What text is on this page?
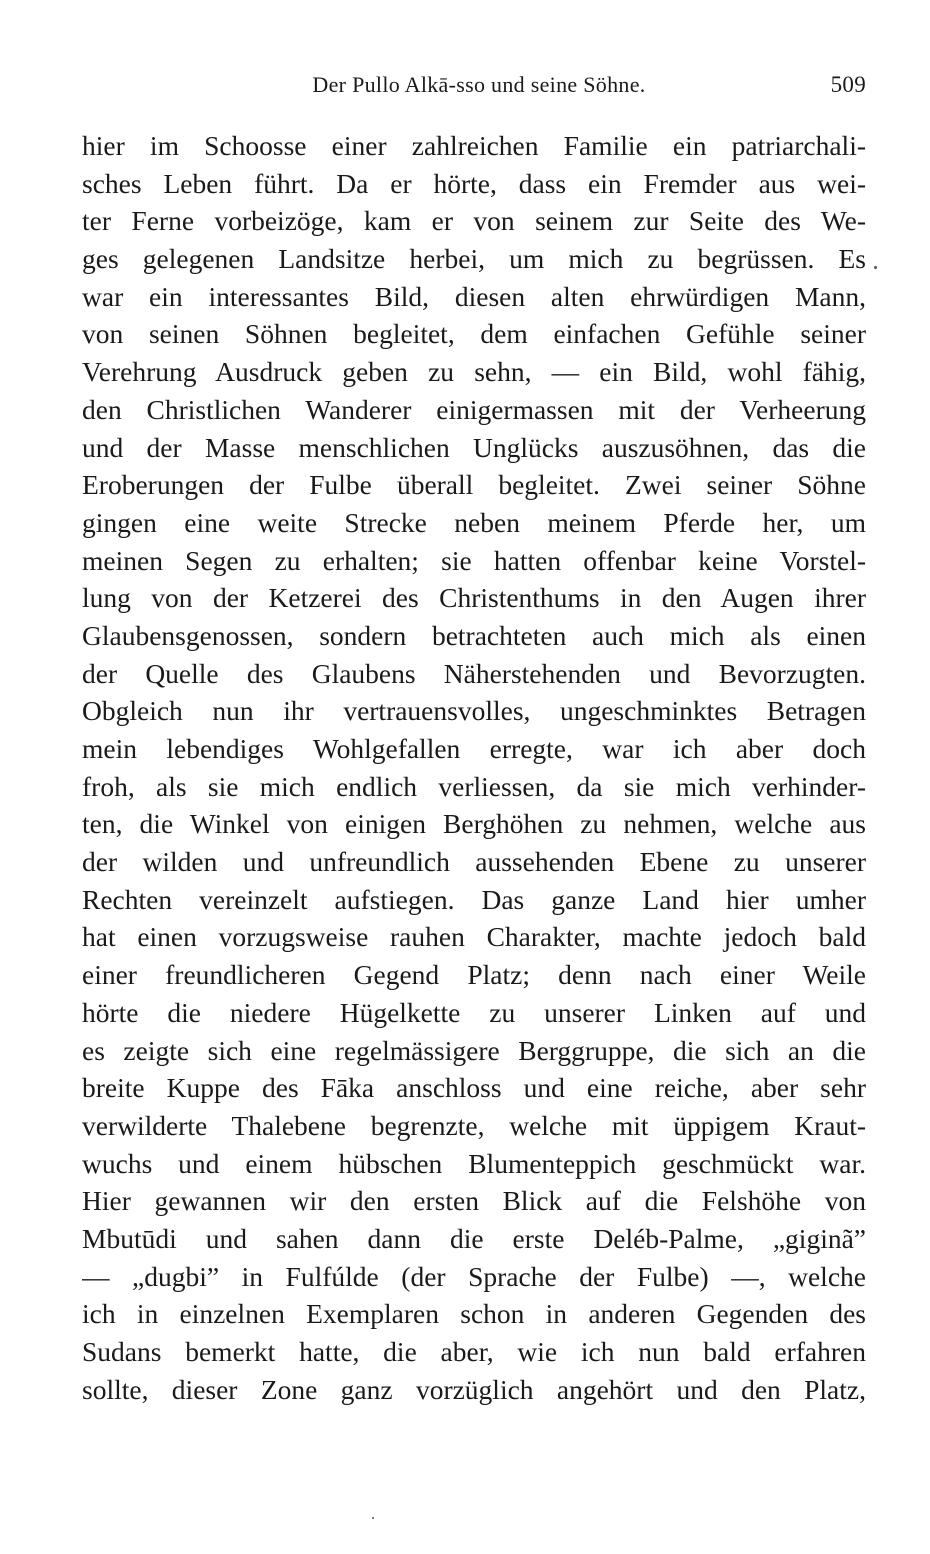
Der Pullo Alkā-sso und seine Söhne.	509
hier im Schoosse einer zahlreichen Familie ein patriarchali-
sches Leben führt. Da er hörte, dass ein Fremder aus wei-
ter Ferne vorbeizöge, kam er von seinem zur Seite des We-
ges gelegenen Landsitze herbei, um mich zu begrüssen. Es
war ein interessantes Bild, diesen alten ehrwürdigen Mann,
von seinen Söhnen begleitet, dem einfachen Gefühle seiner
Verehrung Ausdruck geben zu sehn, — ein Bild, wohl fähig,
den Christlichen Wanderer einigermassen mit der Verheerung
und der Masse menschlichen Unglücks auszusöhnen, das die
Eroberungen der Fulbe überall begleitet. Zwei seiner Söhne
gingen eine weite Strecke neben meinem Pferde her, um
meinen Segen zu erhalten; sie hatten offenbar keine Vorstel-
lung von der Ketzerei des Christenthums in den Augen ihrer
Glaubensgenossen, sondern betrachteten auch mich als einen
der Quelle des Glaubens Näherstehenden und Bevorzugten.
Obgleich nun ihr vertrauensvolles, ungeschminktes Betragen
mein lebendiges Wohlgefallen erregte, war ich aber doch
froh, als sie mich endlich verliessen, da sie mich verhinder-
ten, die Winkel von einigen Berghöhen zu nehmen, welche aus
der wilden und unfreundlich aussehenden Ebene zu unserer
Rechten vereinzelt aufstiegen. Das ganze Land hier umher
hat einen vorzugsweise rauhen Charakter, machte jedoch bald
einer freundlicheren Gegend Platz; denn nach einer Weile
hörte die niedere Hügelkette zu unserer Linken auf und
es zeigte sich eine regelmässigere Berggruppe, die sich an die
breite Kuppe des Fāka anschloss und eine reiche, aber sehr
verwilderte Thalebene begrenzte, welche mit üppigem Kraut-
wuchs und einem hübschen Blumenteppich geschmückt war.
Hier gewannen wir den ersten Blick auf die Felshöhe von
Mbutūdi und sahen dann die erste Deléb-Palme, „giginã”
— „dugbi” in Fulfúlde (der Sprache der Fulbe) —, welche
ich in einzelnen Exemplaren schon in anderen Gegenden des
Sudans bemerkt hatte, die aber, wie ich nun bald erfahren
sollte, dieser Zone ganz vorzüglich angehört und den Platz,
